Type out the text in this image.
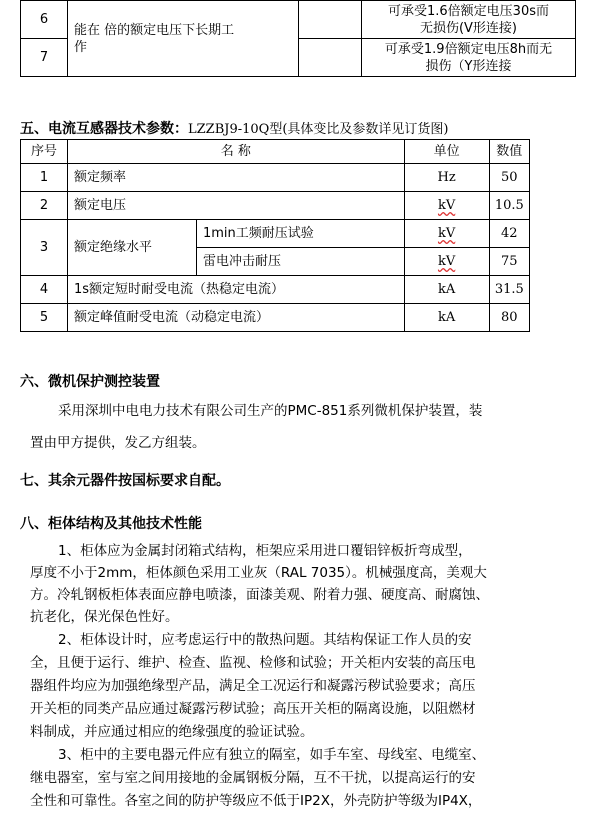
6	能在 倍的额定电压下长期工
作		可承受1.6倍额定电压30s而
无损伤(V形连接)
7			可承受1.9倍额定电压8h而无
损伤（Y形连接
五、电流互感器技术参数：LZZBJ9-10Q型(具体变比及参数详见订货图)
序号	名 称		单位	数值
1	额定频率		Hz	50
2	额定电压		kV	10.5
3	额定绝缘水平	1min工频耐压试验	kV	42
		雷电冲击耐压	kV	75
4	1s额定短时耐受电流（热稳定电流）		kA	31.5
5	额定峰值耐受电流（动稳定电流）		kA	80
六、微机保护测控装置
采用深圳中电电力技术有限公司生产的PMC-851系列微机保护装置，装
置由甲方提供，发乙方组装。
七、其余元器件按国标要求自配。
八、柜体结构及其他技术性能
1、柜体应为金属封闭箱式结构，柜架应采用进口覆铝锌板折弯成型，
厚度不小于2mm，柜体颜色采用工业灰（RAL 7035）。机械强度高，美观大
方。冷轧钢板柜体表面应静电喷漆，面漆美观、附着力强、硬度高、耐腐蚀、
抗老化，保光保色性好。
2、柜体设计时，应考虑运行中的散热问题。其结构保证工作人员的安
全，且便于运行、维护、检查、监视、检修和试验；开关柜内安装的高压电
器组件均应为加强绝缘型产品，满足全工况运行和凝露污秽试验要求；高压
开关柜的同类产品应通过凝露污秽试验；高压开关柜的隔离设施，以阻燃材
料制成，并应通过相应的绝缘强度的验证试验。
3、柜中的主要电器元件应有独立的隔室，如手车室、母线室、电缆室、
继电器室，室与室之间用接地的金属钢板分隔，互不干扰，以提高运行的安
全性和可靠性。各室之间的防护等级应不低于IP2X，外壳防护等级为IP4X，
